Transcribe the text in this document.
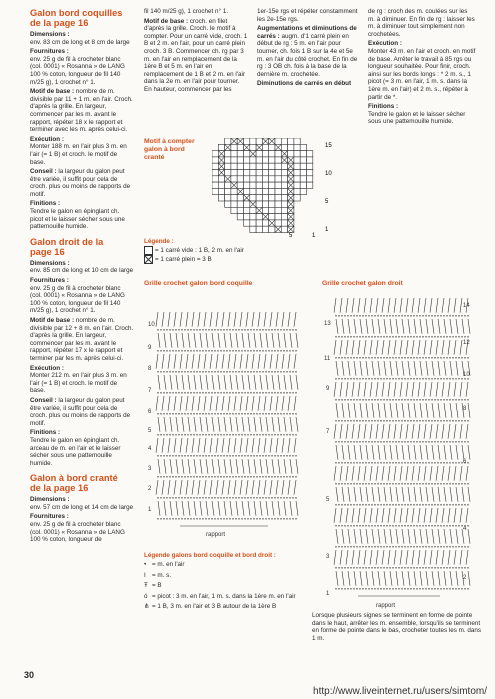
Galon bord coquilles
de la page 16
Dimensions :
env. 83 cm de long et 8 cm de large
Fournitures :
env. 25 g de fil à crocheter blanc (col. 0001) « Rosanna » de LANG 100 % coton, longueur de fil 140 m/25 g), 1 crochet n° 1.
Motif de base : nombre de m. divisible par 11 + 1 m. en l'air. Croch. d'après la grille. En largeur, commencer par les m. avant le rapport, répéter 18 x le rapport et terminer avec les m. après celui-ci.
Exécution :
Monter 188 m. en l'air plus 3 m. en l'air (= 1 B) et croch. le motif de base.
Conseil : la largeur du galon peut être variée, il suffit pour cela de croch. plus ou moins de rapports de motif.
Finitions :
Tendre le galon en épinglant ch. picot et le laisser sécher sous une pattemouille humide.
Galon droit de la
page 16
Dimensions :
env. 85 cm de long et 10 cm de large
Fournitures :
env. 25 g de fil à crocheter blanc (col. 0001) « Rosanna » de LANG 100 % coton, longueur de fil 140 m/25 g), 1 crochet n° 1.
Motif de base : nombre de m. divisible par 12 + 8 m. en l'air. Croch. d'après la grille. En largeur, commencer par les m. avant le rapport, répéter 17 x le rapport et terminer par les m. après celui-ci.
Exécution :
Monter 212 m. en l'air plus 3 m. en l'air (= 1 B) et croch. le motif de base.
Conseil : la largeur du galon peut être variée, il suffit pour cela de croch. plus ou moins de rapports de motif.
Finitions :
Tendre le galon en épinglant ch. arceau de m. en l'air et le laisser sécher sous une pattemouille humide.
Galon à bord cranté
de la page 16
Dimensions :
env. 57 cm de long et 14 cm de large
Fournitures :
env. 25 g de fil à crocheter blanc (col. 0001) « Rosanna » de LANG 100 % coton, longueur de
fil 140 m/25 g), 1 crochet n° 1.
Motif de base : croch. en filet d'après la grille. Croch. le motif à compter. Pour un carré vide, croch. 1 B et 2 m. en l'air, pour un carré plein croch. 3 B. Commencer ch. rg par 3 m. en l'air en remplacement de la 1ère B et 5 m. en l'air en remplacement de 1 B et 2 m. en l'air dans la 2e m. en l'air pour tourner. En hauteur, commencer par les
1er-15e rgs et répéter constamment les 2e-15e rgs.
Augmentations et diminutions de carrés : augm. d'1 carré plein en début de rg : 5 m. en l'air pour tourner, ch. fois 1 B sur la 4e et 5e m. en l'air du côté crochet. En fin de rg : 3 OB ch. fois à la base de la dernière m. crochetée.
Diminutions de carrés en début
de rg : croch des m. coulées sur les m. à diminuer. En fin de rg : laisser les m. à diminuer tout simplement non crochetées.
Exécution :
Monter 43 m. en l'air et croch. en motif de base. Arrêter le travail à 85 rgs ou longueur souhaitée. Pour finir, croch. ainsi sur les bords longs : * 2 m. s., 1 picot (= 3 m. en l'air, 1 m. s. dans la 1ère m. en l'air) et 2 m. s., répéter à partir de *.
Finitions :
Tendre le galon et le laisser sécher sous une pattemouille humide.
Motif à compter galon à bord cranté
15
10
5
1
5	1
Légende :
= 1 carré vide : 1 B, 2 m. en l'air
= 1 carré plein = 3 B
Grille crochet galon bord coquille
10
9
8
7
6
5
4
3
2
1
rapport
Grille crochet galon droit
14
13
12
11
10
9
8
7
6
5
4
3
2
1
rapport
Légende galons bord coquille et bord droit :
• = m. en l'air
I = m. s.
Ŧ = B
ó = picot : 3 m. en l'air, 1 m. s. dans la 1ère m. en l'air
⋔ = 1 B, 3 m. en l'air et 3 B autour de la 1ère B
Lorsque plusieurs signes se terminent en forme de pointe dans le haut, arrêter les m. ensemble, lorsqu'ils se terminent en forme de pointe dans le bas, crocheter toutes les m. dans 1 m.
30
http://www.liveinternet.ru/users/simtom/
